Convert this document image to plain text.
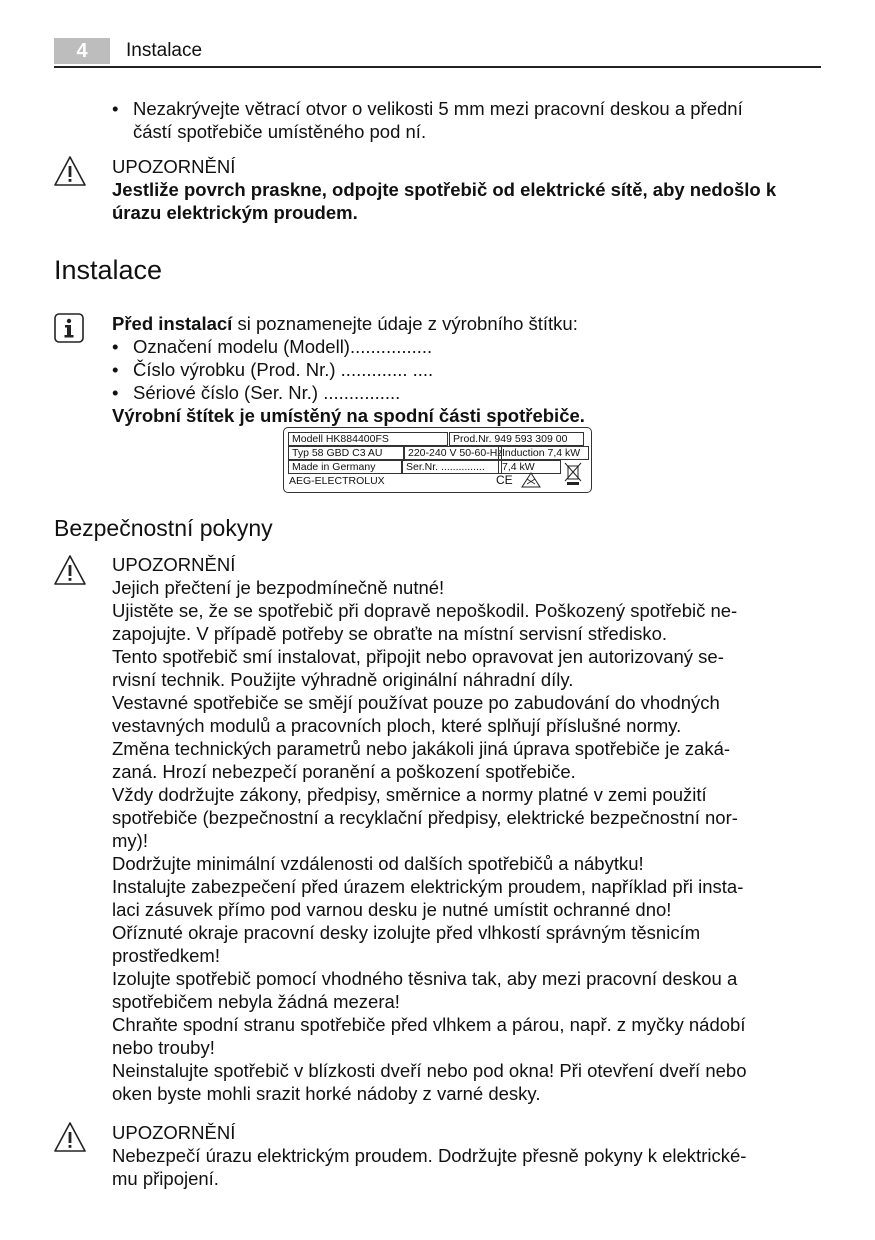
4	Instalace
• Nezakrývejte větrací otvor o velikosti 5 mm mezi pracovní deskou a přední
částí spotřebiče umístěného pod ní.
UPOZORNĚNÍ
Jestliže povrch praskne, odpojte spotřebič od elektrické sítě, aby nedošlo k
úrazu elektrickým proudem.
Instalace
Před instalací si poznamenejte údaje z výrobního štítku:
• Označení modelu (Modell)................
• Číslo výrobku (Prod. Nr.) ............. ....
• Sériové číslo (Ser. Nr.) ...............
Výrobní štítek je umístěný na spodní části spotřebiče.
Modell HK884400FS	Prod.Nr. 949 593 309 00
Typ 58 GBD C3 AU	220-240 V 50-60-Hz Induction 7,4 kW
Made in Germany	Ser.Nr. ...............	7,4 kW
AEG-ELECTROLUX	CE
Bezpečnostní pokyny
UPOZORNĚNÍ
Jejich přečtení je bezpodmínečně nutné!
Ujistěte se, že se spotřebič při dopravě nepoškodil. Poškozený spotřebič ne-
zapojujte. V případě potřeby se obraťte na místní servisní středisko.
Tento spotřebič smí instalovat, připojit nebo opravovat jen autorizovaný se-
rvisní technik. Použijte výhradně originální náhradní díly.
Vestavné spotřebiče se smějí používat pouze po zabudování do vhodných
vestavných modulů a pracovních ploch, které splňují příslušné normy.
Změna technických parametrů nebo jakákoli jiná úprava spotřebiče je zaká-
zaná. Hrozí nebezpečí poranění a poškození spotřebiče.
Vždy dodržujte zákony, předpisy, směrnice a normy platné v zemi použití
spotřebiče (bezpečnostní a recyklační předpisy, elektrické bezpečnostní nor-
my)!
Dodržujte minimální vzdálenosti od dalších spotřebičů a nábytku!
Instalujte zabezpečení před úrazem elektrickým proudem, například při insta-
laci zásuvek přímo pod varnou desku je nutné umístit ochranné dno!
Oříznuté okraje pracovní desky izolujte před vlhkostí správným těsnicím
prostředkem!
Izolujte spotřebič pomocí vhodného těsniva tak, aby mezi pracovní deskou a
spotřebičem nebyla žádná mezera!
Chraňte spodní stranu spotřebiče před vlhkem a párou, např. z myčky nádobí
nebo trouby!
Neinstalujte spotřebič v blízkosti dveří nebo pod okna! Při otevření dveří nebo
oken byste mohli srazit horké nádoby z varné desky.
UPOZORNĚNÍ
Nebezpečí úrazu elektrickým proudem. Dodržujte přesně pokyny k elektrické-
mu připojení.
